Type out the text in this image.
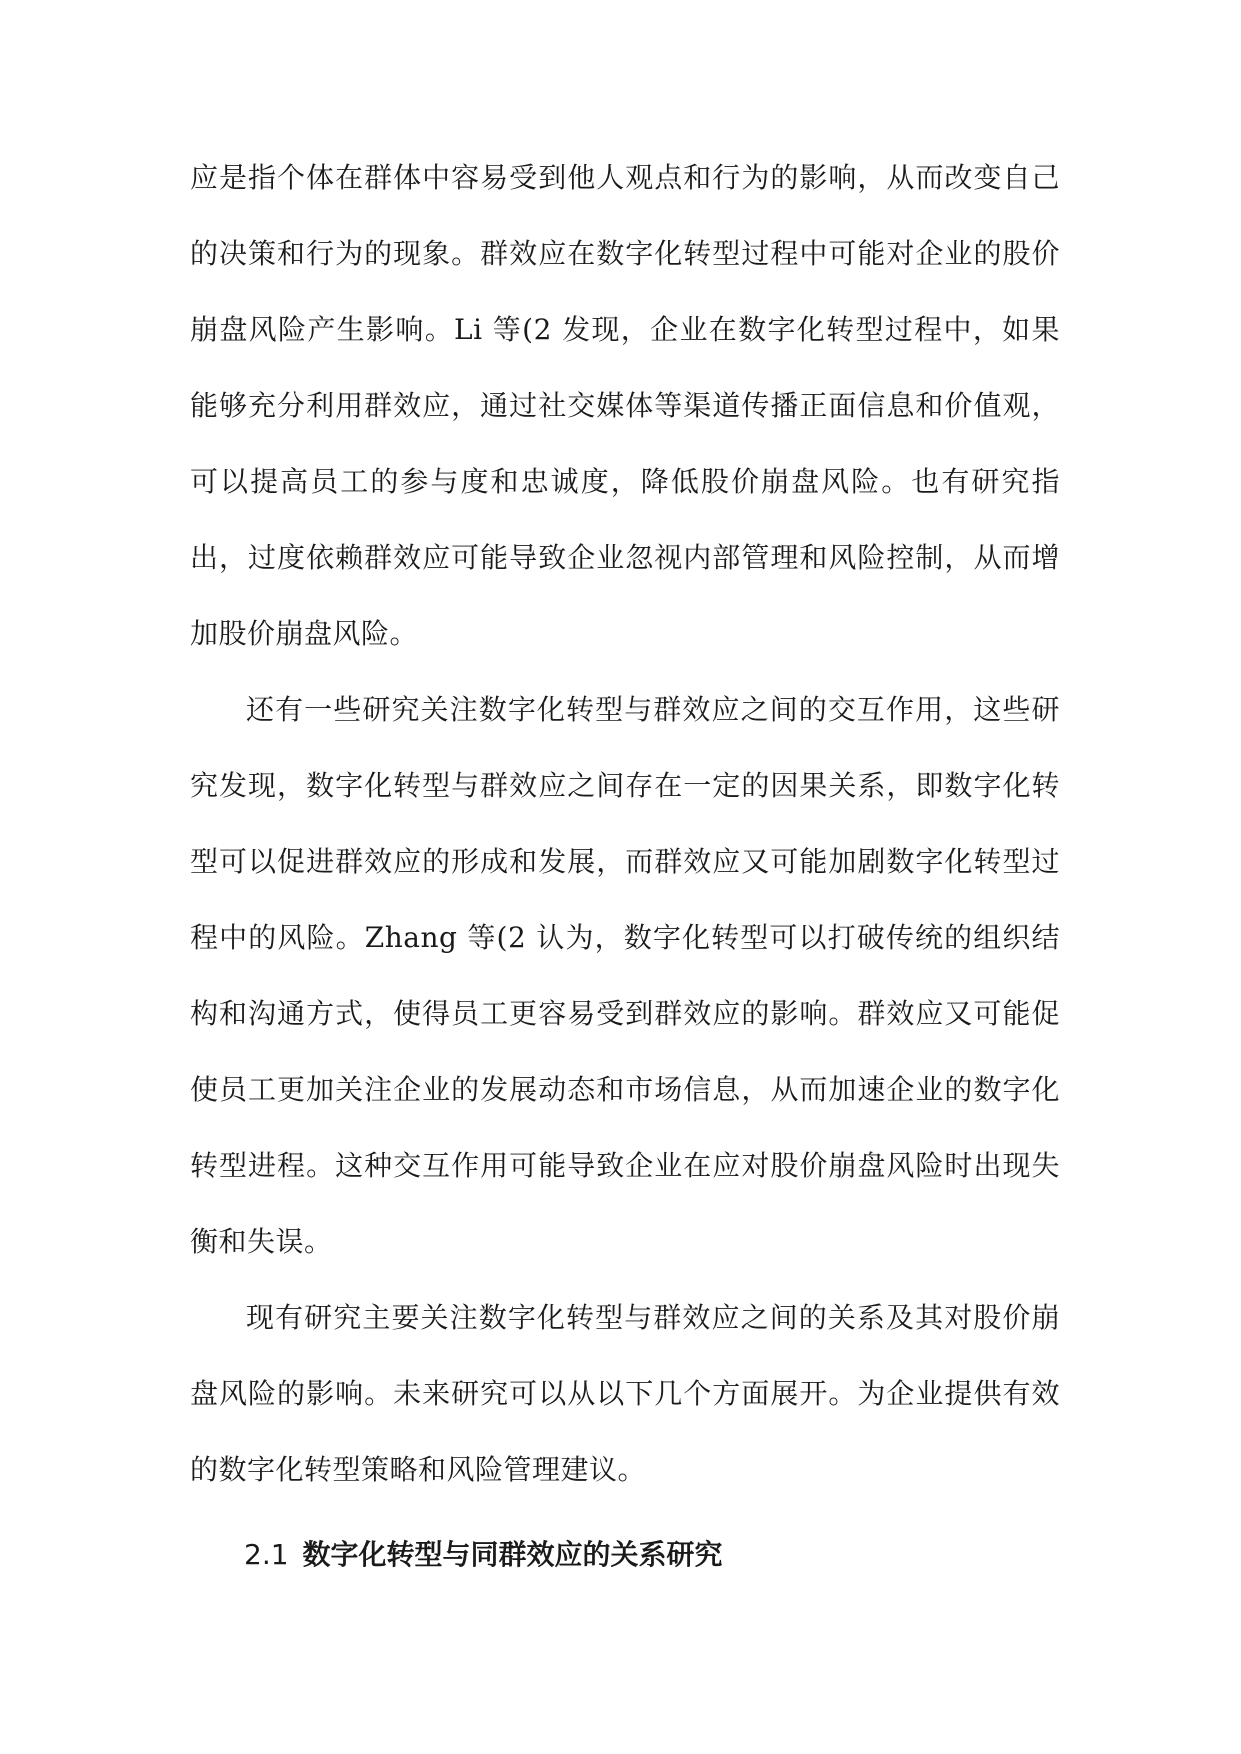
应是指个体在群体中容易受到他人观点和行为的影响，从而改变自己的决策和行为的现象。群效应在数字化转型过程中可能对企业的股价崩盘风险产生影响。Li 等(2 发现，企业在数字化转型过程中，如果能够充分利用群效应，通过社交媒体等渠道传播正面信息和价值观，可以提高员工的参与度和忠诚度，降低股价崩盘风险。也有研究指出，过度依赖群效应可能导致企业忽视内部管理和风险控制，从而增加股价崩盘风险。

还有一些研究关注数字化转型与群效应之间的交互作用，这些研究发现，数字化转型与群效应之间存在一定的因果关系，即数字化转型可以促进群效应的形成和发展，而群效应又可能加剧数字化转型过程中的风险。Zhang 等(2 认为，数字化转型可以打破传统的组织结构和沟通方式，使得员工更容易受到群效应的影响。群效应又可能促使员工更加关注企业的发展动态和市场信息，从而加速企业的数字化转型进程。这种交互作用可能导致企业在应对股价崩盘风险时出现失衡和失误。

现有研究主要关注数字化转型与群效应之间的关系及其对股价崩盘风险的影响。未来研究可以从以下几个方面展开。为企业提供有效的数字化转型策略和风险管理建议。

2.1 数字化转型与同群效应的关系研究
